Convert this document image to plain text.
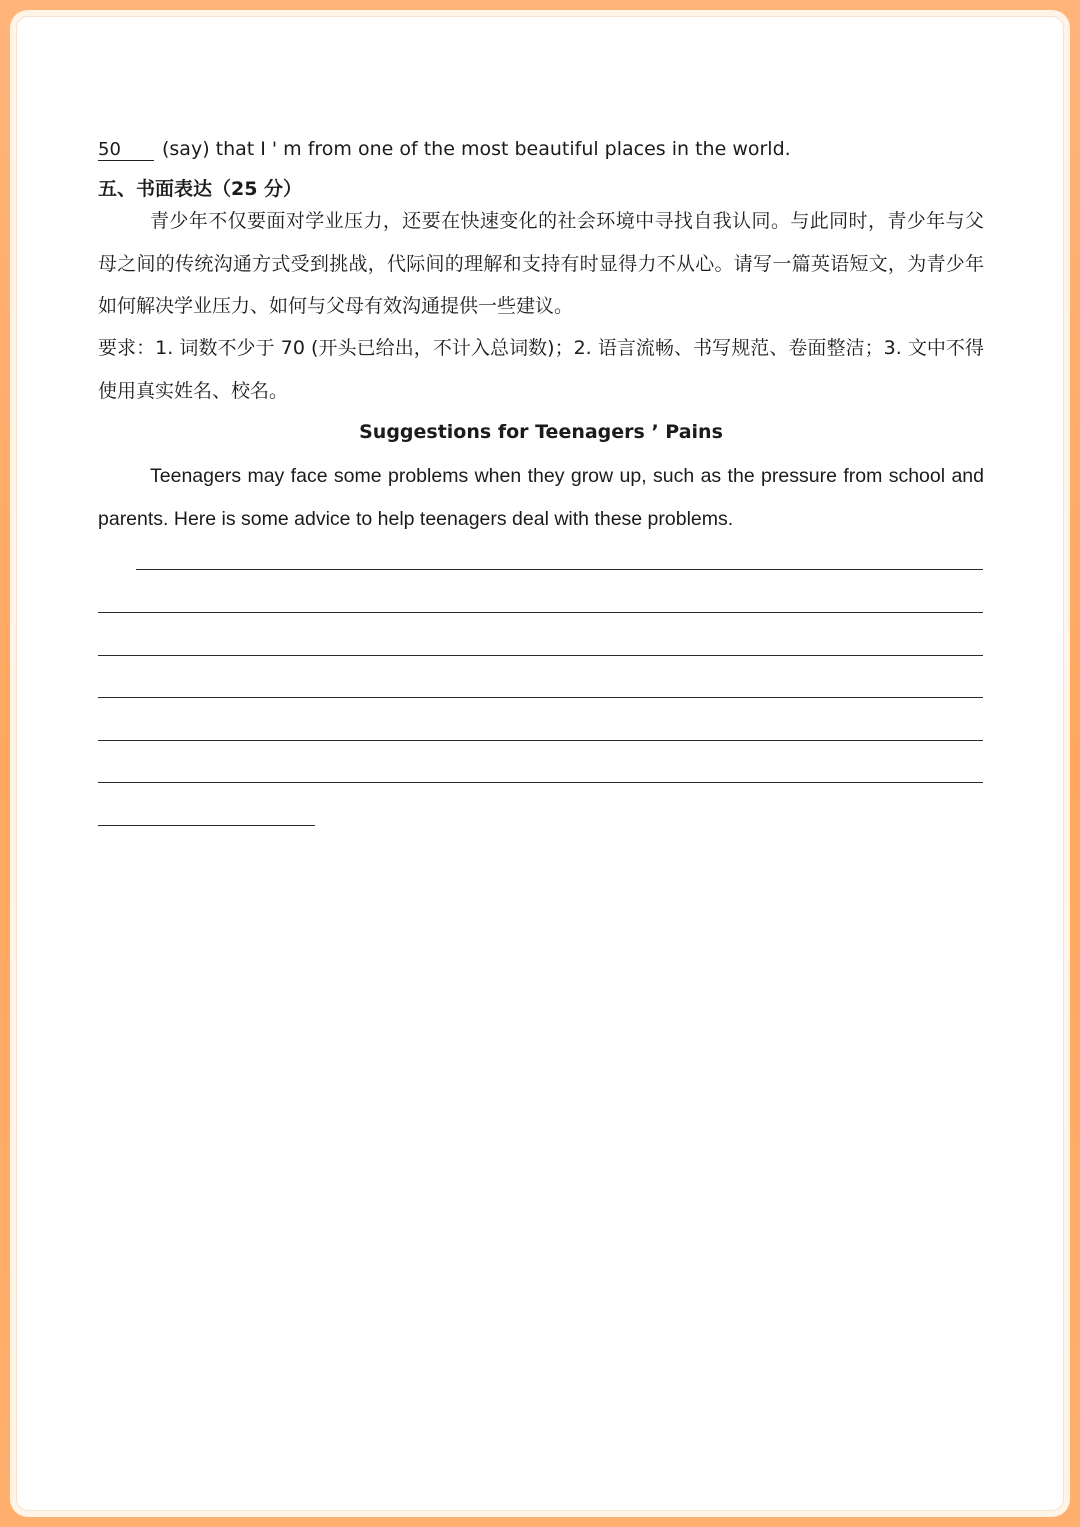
50 (say) that I ' m from one of the most beautiful places in the world.
五、书面表达（25 分）
青少年不仅要面对学业压力，还要在快速变化的社会环境中寻找自我认同。与此同时，青少年与父母之间的传统沟通方式受到挑战，代际间的理解和支持有时显得力不从心。请写一篇英语短文，为青少年如何解决学业压力、如何与父母有效沟通提供一些建议。
要求：1. 词数不少于 70 (开头已给出，不计入总词数)；2. 语言流畅、书写规范、卷面整洁；3. 文中不得使用真实姓名、校名。
Suggestions for Teenagers ’ Pains
Teenagers may face some problems when they grow up, such as the pressure from school and parents. Here is some advice to help teenagers deal with these problems.
